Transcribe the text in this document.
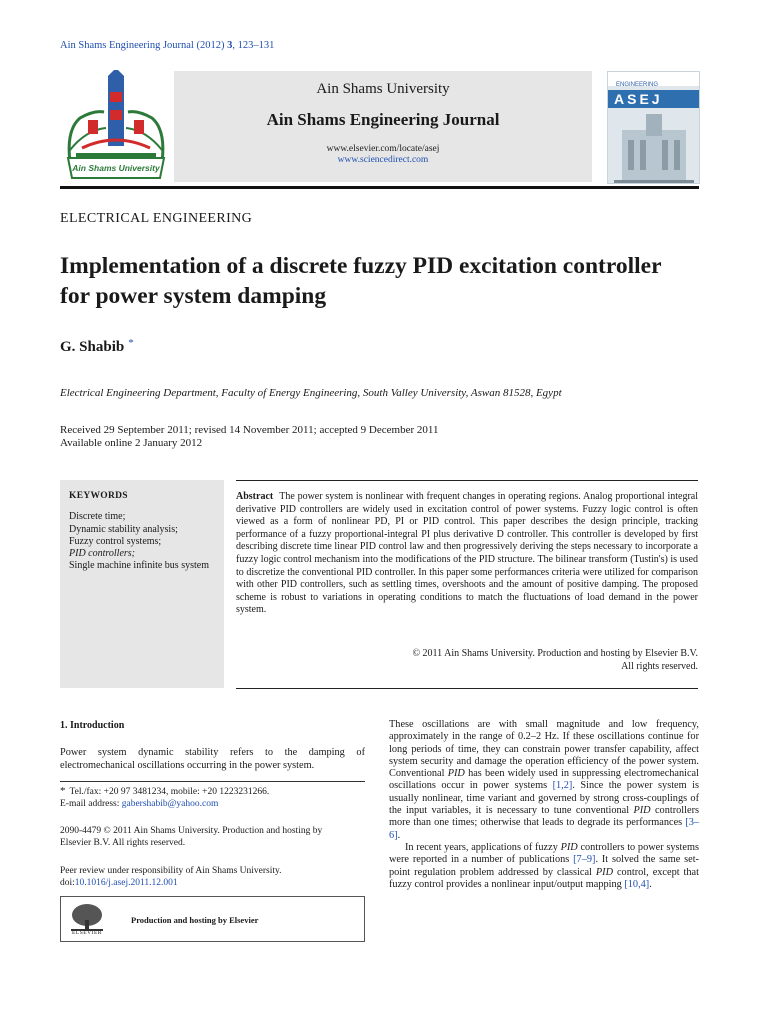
Ain Shams Engineering Journal (2012) 3, 123–131
Ain Shams University
Ain Shams University
Ain Shams Engineering Journal
www.elsevier.com/locate/asej
www.sciencedirect.com
ENGINEERING
ASEJ
ELECTRICAL ENGINEERING
Implementation of a discrete fuzzy PID excitation controller
for power system damping
G. Shabib *
Electrical Engineering Department, Faculty of Energy Engineering, South Valley University, Aswan 81528, Egypt
Received 29 September 2011; revised 14 November 2011; accepted 9 December 2011
Available online 2 January 2012
KEYWORDS
Discrete time;
Dynamic stability analysis;
Fuzzy control systems;
PID controllers;
Single machine infinite bus system
Abstract The power system is nonlinear with frequent changes in operating regions. Analog proportional integral derivative PID controllers are widely used in excitation control of power systems. Fuzzy logic control is often viewed as a form of nonlinear PD, PI or PID control. This paper describes the design principle, tracking performance of a fuzzy proportional-integral PI plus derivative D controller. This controller is developed by first describing discrete time linear PID control law and then progressively deriving the steps necessary to incorporate a fuzzy logic control mechanism into the modifications of the PID structure. The bilinear transform (Tustin's) is used to discretize the conventional PID controller. In this paper some performances criteria were utilized for comparison with other PID controllers, such as settling times, overshoots and the amount of positive damping. The proposed scheme is robust to variations in operating conditions to match the fluctuations of load demand in the power system.
© 2011 Ain Shams University. Production and hosting by Elsevier B.V.
All rights reserved.
1. Introduction
Power system dynamic stability refers to the damping of electromechanical oscillations occurring in the power system.
* Tel./fax: +20 97 3481234, mobile: +20 1223231266.
E-mail address: gabershabib@yahoo.com
2090-4479 © 2011 Ain Shams University. Production and hosting by
Elsevier B.V. All rights reserved.
Peer review under responsibility of Ain Shams University.
doi:10.1016/j.asej.2011.12.001
ELSEVIER
Production and hosting by Elsevier

These oscillations are with small magnitude and low frequency, approximately in the range of 0.2–2 Hz. If these oscillations continue for long periods of time, they can constrain power transfer capability, affect system security and damage the operation efficiency of the power system. Conventional PID has been widely used in suppressing electromechanical oscillations occur in power systems [1,2]. Since the power system is usually nonlinear, time variant and governed by strong cross-couplings of the input variables, it is necessary to tune conventional PID controllers more than one times; otherwise that leads to degrade its performances [3–6].

In recent years, applications of fuzzy PID controllers to power systems were reported in a number of publications [7–9]. It solved the same set-point regulation problem addressed by classical PID control, except that fuzzy control provides a nonlinear input/output mapping [10,4].
